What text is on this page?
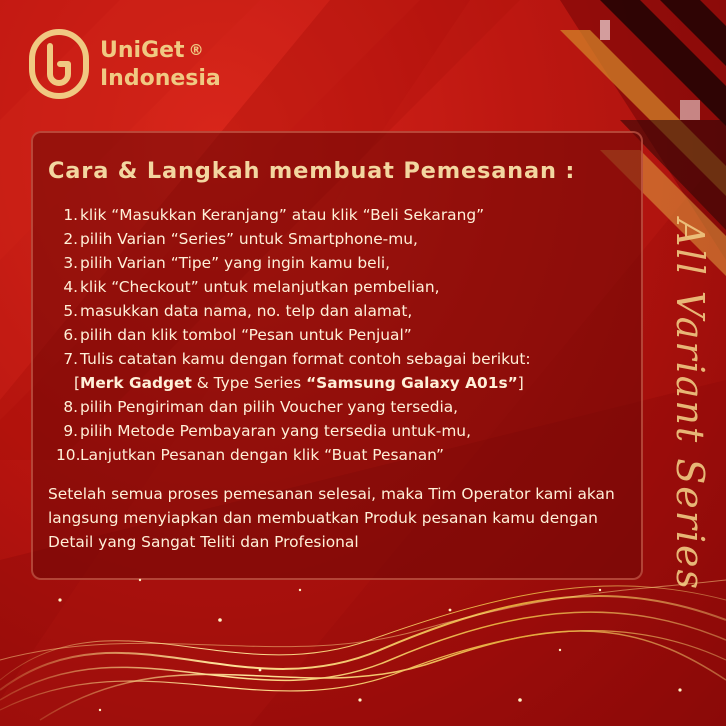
UniGet ®
Indonesia
Cara & Langkah membuat Pemesanan :
1. klik “Masukkan Keranjang” atau klik “Beli Sekarang”
2. pilih Varian “Series” untuk Smartphone-mu,
3. pilih Varian “Tipe” yang ingin kamu beli,
4. klik “Checkout” untuk melanjutkan pembelian,
5. masukkan data nama, no. telp dan alamat,
6. pilih dan klik tombol “Pesan untuk Penjual”
7. Tulis catatan kamu dengan format contoh sebagai berikut:
[ Merk Gadget & Type Series “Samsung Galaxy A01s” ]
8. pilih Pengiriman dan pilih Voucher yang tersedia,
9. pilih Metode Pembayaran yang tersedia untuk-mu,
10. Lanjutkan Pesanan dengan klik “Buat Pesanan”

Setelah semua proses pemesanan selesai, maka Tim Operator kami akan langsung menyiapkan dan membuatkan Produk pesanan kamu dengan Detail yang Sangat Teliti dan Profesional	All Variant Series
